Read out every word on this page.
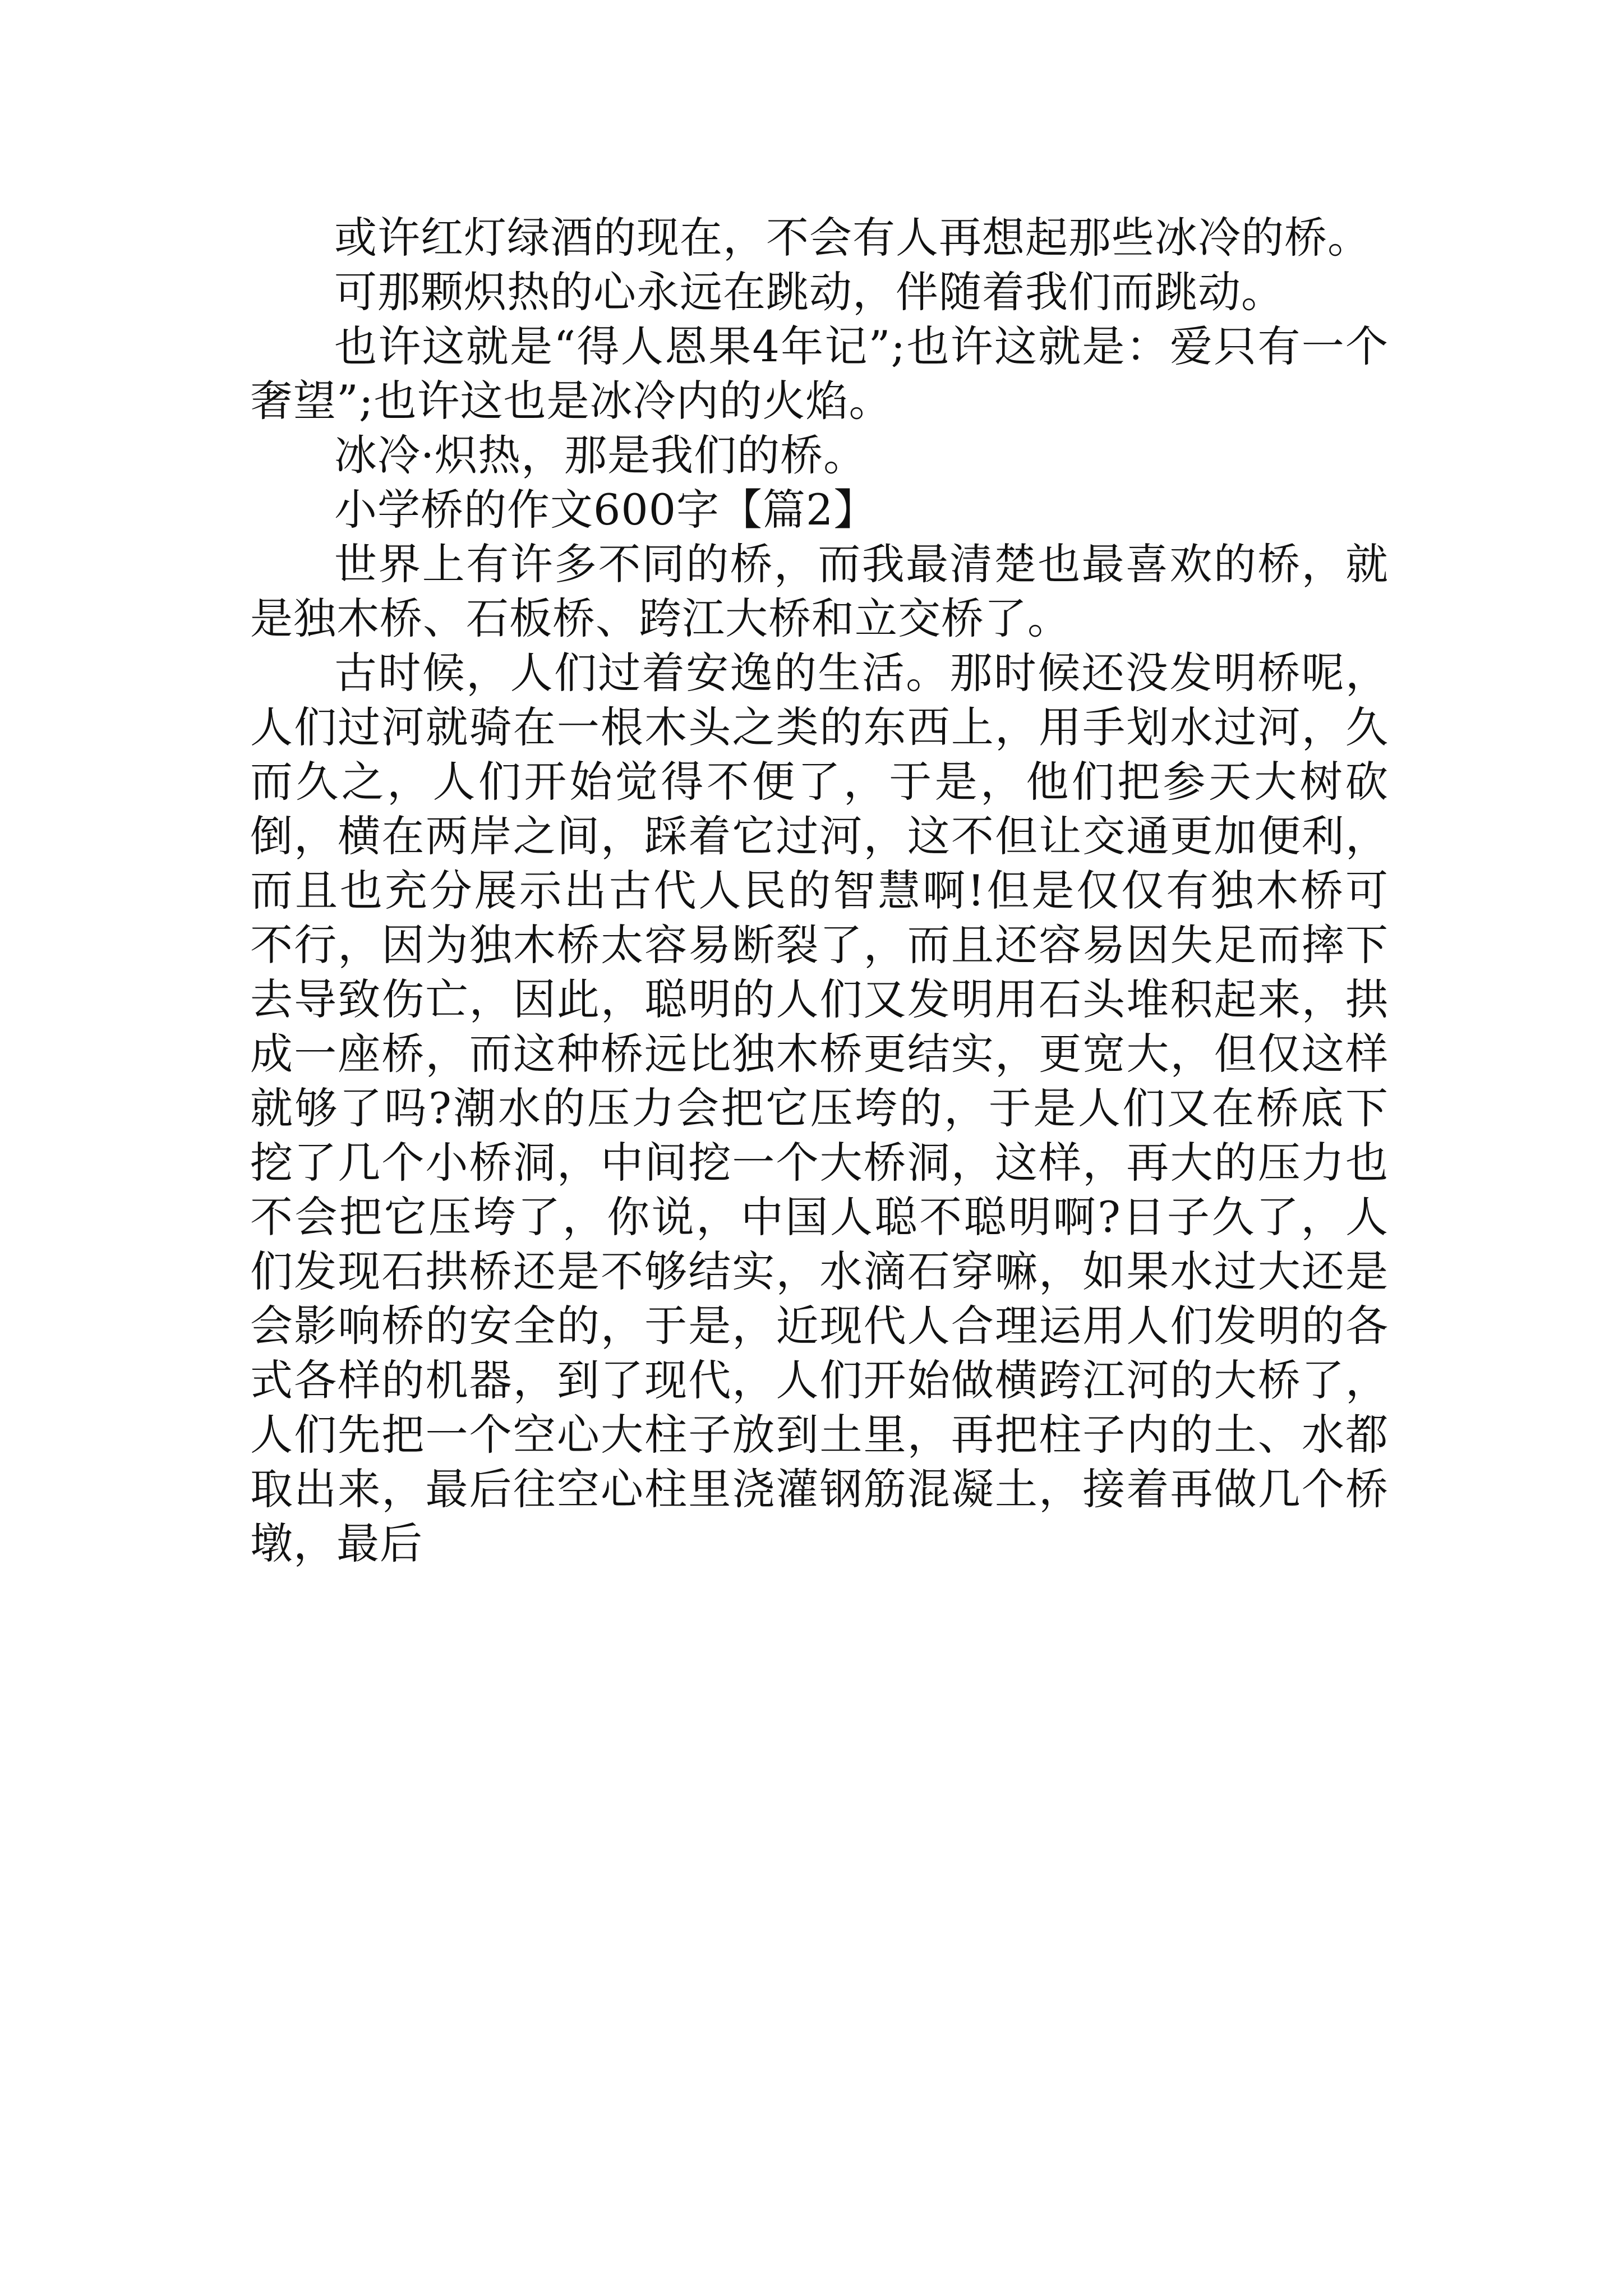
或许红灯绿酒的现在，不会有人再想起那些冰冷的桥。

可那颗炽热的心永远在跳动，伴随着我们而跳动。

也许这就是“得人恩果4年记”;也许这就是：爱只有一个奢望”;也许这也是冰冷内的火焰。

冰冷·炽热，那是我们的桥。

小学桥的作文600字【篇2】

世界上有许多不同的桥，而我最清楚也最喜欢的桥，就是独木桥、石板桥、跨江大桥和立交桥了。

古时候，人们过着安逸的生活。那时候还没发明桥呢，人们过河就骑在一根木头之类的东西上，用手划水过河，久而久之，人们开始觉得不便了，于是，他们把参天大树砍倒，横在两岸之间，踩着它过河，这不但让交通更加便利，而且也充分展示出古代人民的智慧啊!但是仅仅有独木桥可不行，因为独木桥太容易断裂了，而且还容易因失足而摔下去导致伤亡，因此，聪明的人们又发明用石头堆积起来，拱成一座桥，而这种桥远比独木桥更结实，更宽大，但仅这样就够了吗?潮水的压力会把它压垮的，于是人们又在桥底下挖了几个小桥洞，中间挖一个大桥洞，这样，再大的压力也不会把它压垮了，你说，中国人聪不聪明啊?日子久了，人们发现石拱桥还是不够结实，水滴石穿嘛，如果水过大还是会影响桥的安全的，于是，近现代人合理运用人们发明的各式各样的机器，到了现代，人们开始做横跨江河的大桥了，人们先把一个空心大柱子放到土里，再把柱子内的土、水都取出来，最后往空心柱里浇灌钢筋混凝土，接着再做几个桥墩，最后
